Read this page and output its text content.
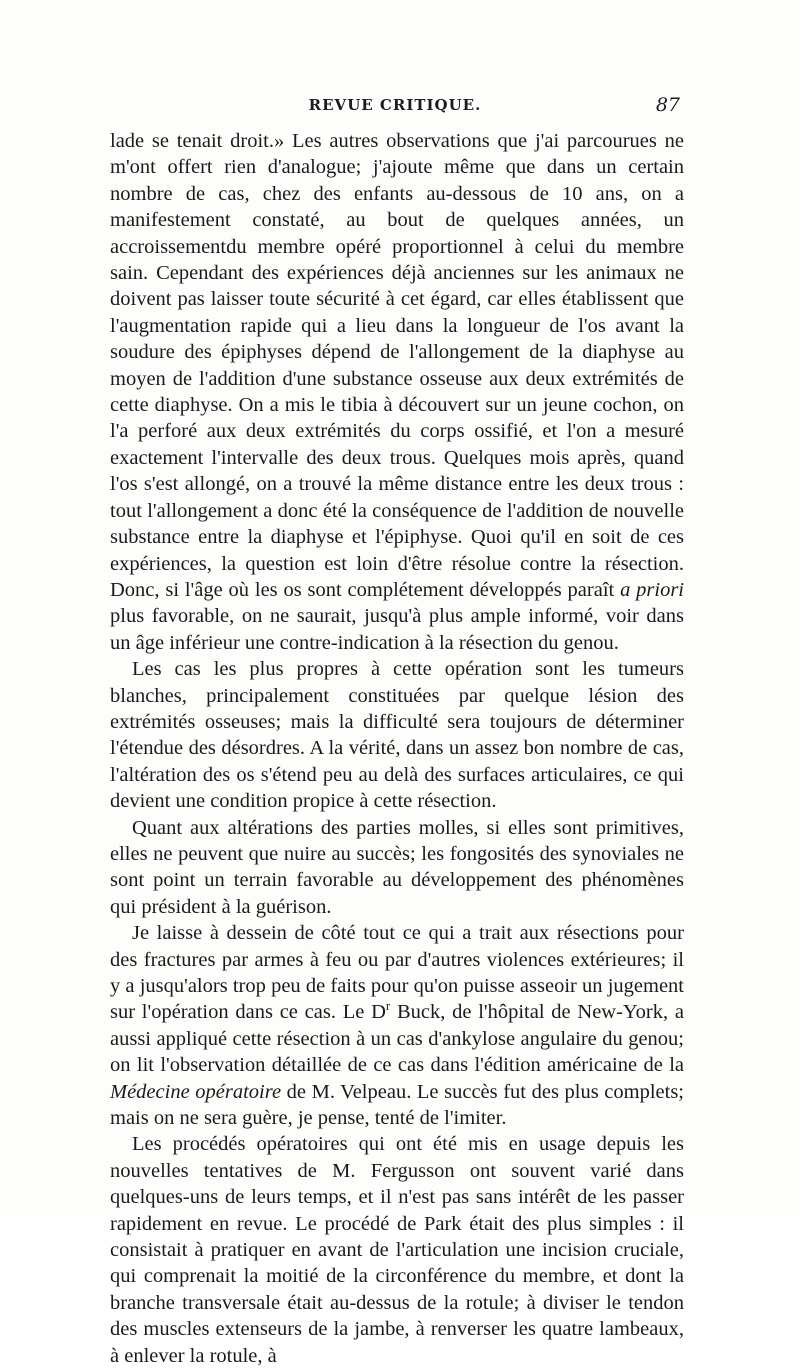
REVUE CRITIQUE.	87

lade se tenait droit.» Les autres observations que j'ai parcourues ne m'ont offert rien d'analogue; j'ajoute même que dans un certain nombre de cas, chez des enfants au-dessous de 10 ans, on a manifestement constaté, au bout de quelques années, un accroissementdu membre opéré proportionnel à celui du membre sain. Cependant des expériences déjà anciennes sur les animaux ne doivent pas laisser toute sécurité à cet égard, car elles établissent que l'augmentation rapide qui a lieu dans la longueur de l'os avant la soudure des épiphyses dépend de l'allongement de la diaphyse au moyen de l'addition d'une substance osseuse aux deux extrémités de cette diaphyse. On a mis le tibia à découvert sur un jeune cochon, on l'a perforé aux deux extrémités du corps ossifié, et l'on a mesuré exactement l'intervalle des deux trous. Quelques mois après, quand l'os s'est allongé, on a trouvé la même distance entre les deux trous : tout l'allongement a donc été la conséquence de l'addition de nouvelle substance entre la diaphyse et l'épiphyse. Quoi qu'il en soit de ces expériences, la question est loin d'être résolue contre la résection. Donc, si l'âge où les os sont complétement développés paraît a priori plus favorable, on ne saurait, jusqu'à plus ample informé, voir dans un âge inférieur une contre-indication à la résection du genou.

Les cas les plus propres à cette opération sont les tumeurs blanches, principalement constituées par quelque lésion des extrémités osseuses; mais la difficulté sera toujours de déterminer l'étendue des désordres. A la vérité, dans un assez bon nombre de cas, l'altération des os s'étend peu au delà des surfaces articulaires, ce qui devient une condition propice à cette résection.

Quant aux altérations des parties molles, si elles sont primitives, elles ne peuvent que nuire au succès; les fongosités des synoviales ne sont point un terrain favorable au développement des phénomènes qui président à la guérison.

Je laisse à dessein de côté tout ce qui a trait aux résections pour des fractures par armes à feu ou par d'autres violences extérieures; il y a jusqu'alors trop peu de faits pour qu'on puisse asseoir un jugement sur l'opération dans ce cas. Le $D^r$ Buck, de l'hôpital de New-York, a aussi appliqué cette résection à un cas d'ankylose angulaire du genou; on lit l'observation détaillée de ce cas dans l'édition américaine de la Médecine opératoire de M. Velpeau. Le succès fut des plus complets; mais on ne sera guère, je pense, tenté de l'imiter.

Les procédés opératoires qui ont été mis en usage depuis les nouvelles tentatives de M. Fergusson ont souvent varié dans quelques-uns de leurs temps, et il n'est pas sans intérêt de les passer rapidement en revue. Le procédé de Park était des plus simples : il consistait à pratiquer en avant de l'articulation une incision cruciale, qui comprenait la moitié de la circonférence du membre, et dont la branche transversale était au-dessus de la rotule; à diviser le tendon des muscles extenseurs de la jambe, à renverser les quatre lambeaux, à enlever la rotule, à
